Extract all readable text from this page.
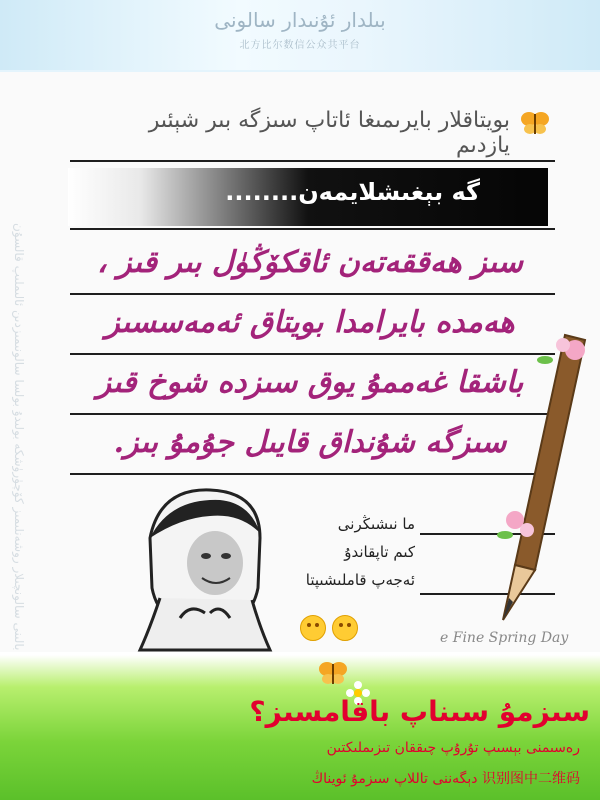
بىلدار ئۇنىدار سالونى
北方比尔数信公众共平台
بالىنى سالونچىلار روشەنلىمىز كۆچۈرۈشكە بولىدۇ بولسا سالونىمىزدىن ئالىملىپ قالسۇن
بويتاقلار بايرىمىغا ئاتاپ سىزگە بىر شېئىر يازدىم
گە بېغىشلايمەن........
سىز ھەققەتەن ئاقكۆڭۈل بىر قىز ،
ھەمدە بايرامدا بويتاق ئەمەسسىز
باشقا غەممۇ يوق سىزدە شوخ قىز
سىزگە شۇنداق قايىل جۇمۇ بىز.
ما نىشىڭرنى
كىم تاپقاندۇ
ئەجەپ قاملىشىپتا
e Fine Spring Day
سىزمۇ سىناپ باقامسىز؟
رەسىمنى بېسىپ تۇرۇپ چىققان تىزىملىكتىن
识别图中二维码 دېگەننى تاللاپ سىزمۇ ئويناڭ
